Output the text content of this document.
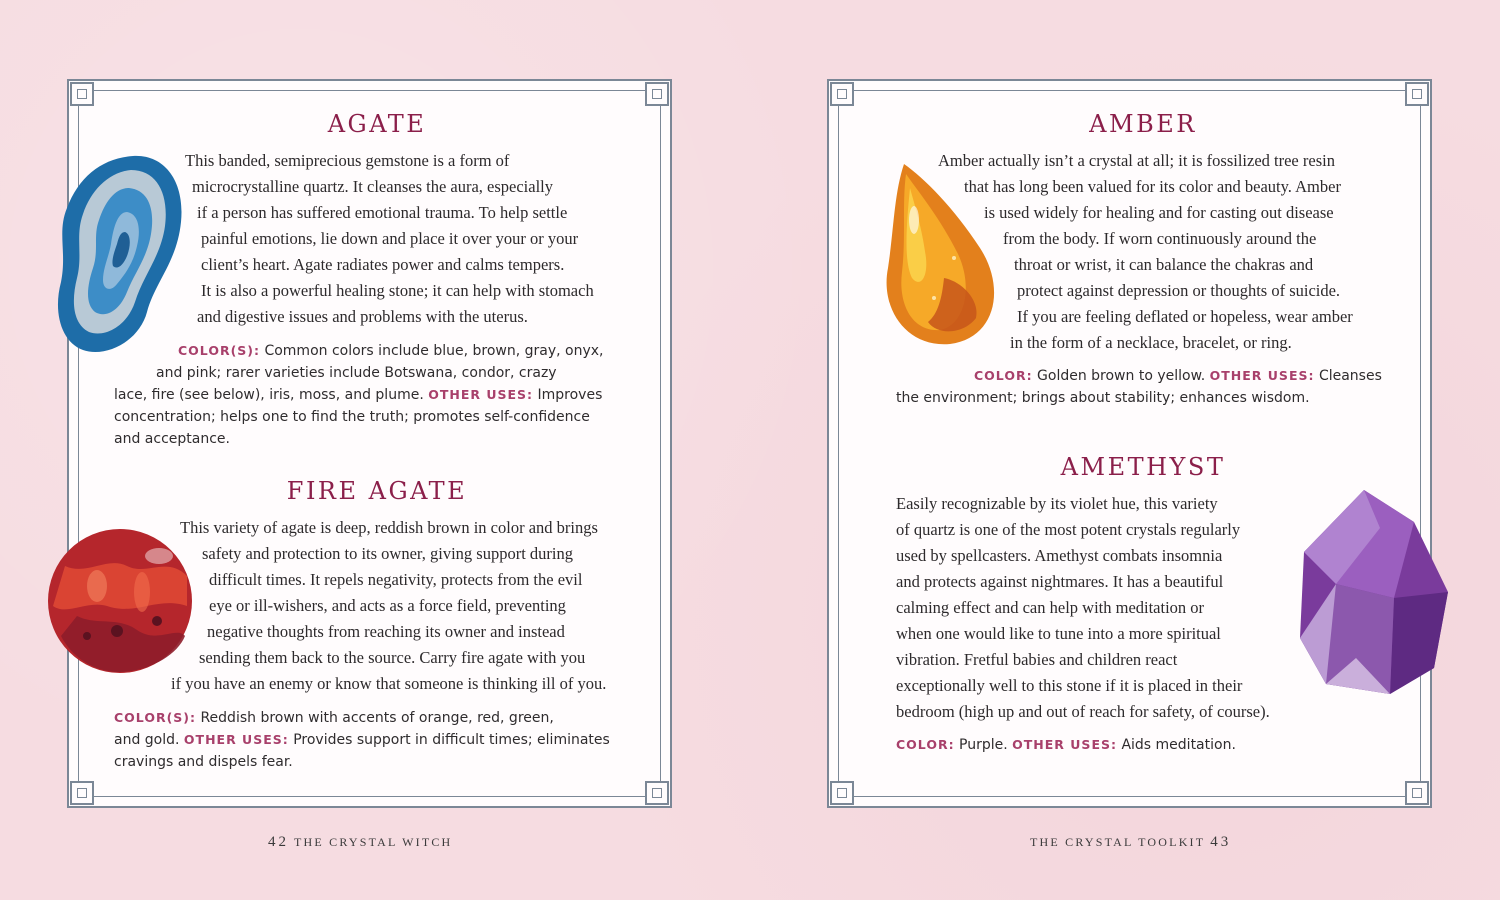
AGATE

This banded, semiprecious gemstone is a form of
microcrystalline quartz. It cleanses the aura, especially
if a person has suffered emotional trauma. To help settle
painful emotions, lie down and place it over your or your
client’s heart. Agate radiates power and calms tempers.
It is also a powerful healing stone; it can help with stomach
and digestive issues and problems with the uterus.

COLOR(S): Common colors include blue, brown, gray, onyx,
and pink; rarer varieties include Botswana, condor, crazy
lace, fire (see below), iris, moss, and plume. OTHER USES: Improves
concentration; helps one to find the truth; promotes self-confidence
and acceptance.

FIRE AGATE

This variety of agate is deep, reddish brown in color and brings
safety and protection to its owner, giving support during
difficult times. It repels negativity, protects from the evil
eye or ill-wishers, and acts as a force field, preventing
negative thoughts from reaching its owner and instead
sending them back to the source. Carry fire agate with you
if you have an enemy or know that someone is thinking ill of you.

COLOR(S): Reddish brown with accents of orange, red, green,
and gold. OTHER USES: Provides support in difficult times; eliminates
cravings and dispels fear.

42 THE CRYSTAL WITCH
AMBER

Amber actually isn’t a crystal at all; it is fossilized tree resin
that has long been valued for its color and beauty. Amber
is used widely for healing and for casting out disease
from the body. If worn continuously around the
throat or wrist, it can balance the chakras and
protect against depression or thoughts of suicide.
If you are feeling deflated or hopeless, wear amber
in the form of a necklace, bracelet, or ring.

COLOR: Golden brown to yellow. OTHER USES: Cleanses
the environment; brings about stability; enhances wisdom.

AMETHYST

Easily recognizable by its violet hue, this variety
of quartz is one of the most potent crystals regularly
used by spellcasters. Amethyst combats insomnia
and protects against nightmares. It has a beautiful
calming effect and can help with meditation or
when one would like to tune into a more spiritual
vibration. Fretful babies and children react
exceptionally well to this stone if it is placed in their
bedroom (high up and out of reach for safety, of course).

COLOR: Purple. OTHER USES: Aids meditation.

THE CRYSTAL TOOLKIT 43
